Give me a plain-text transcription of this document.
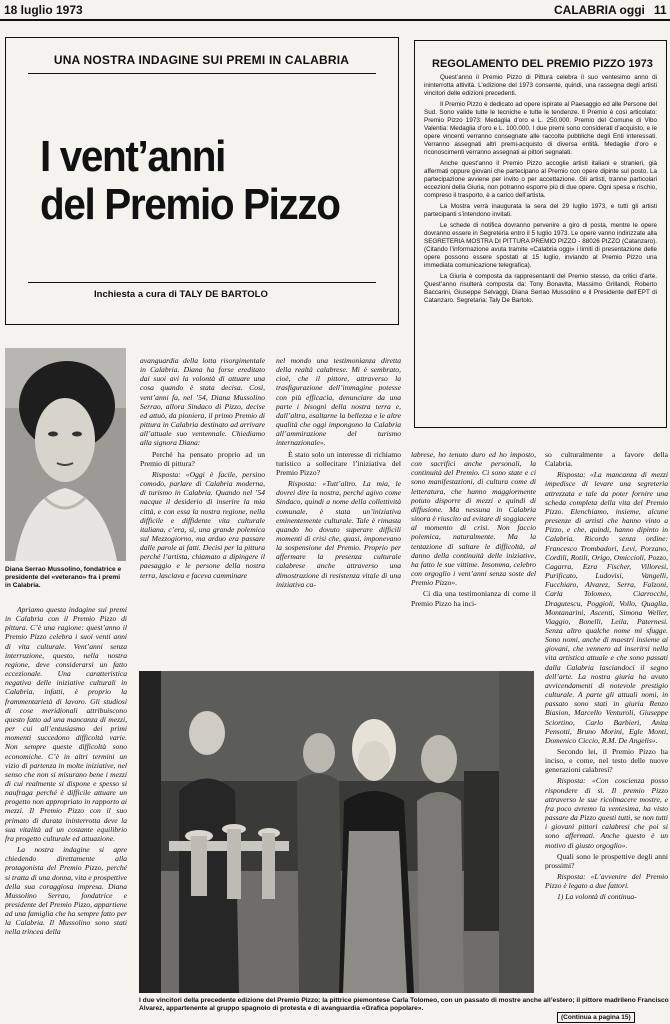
18 luglio 1973	CALABRIA oggi 11
UNA NOSTRA INDAGINE SUI PREMI IN CALABRIA
I vent’anni
del Premio Pizzo
Inchiesta a cura di TALY DE BARTOLO
REGOLAMENTO DEL PREMIO PIZZO 1973

Quest’anno il Premio Pizzo di Pittura celebra il suo ventesimo anno di ininterrotta attività. L’edizione del 1973 consente, quindi, una rassegna degli artisti vincitori delle edizioni precedenti.

Il Premio Pizzo è dedicato ad opere ispirate al Paesaggio ed alle Persone del Sud. Sono valide tutte le tecniche e tutte le tendenze. Il Premio è così articolato: Premio Pizzo 1973: Medaglia d’oro e L. 250.000. Premio del Comune di Vibo Valentia: Medaglia d’oro e L. 100.000. I due premi sono considerati d’acquisto, e le opere vincenti verranno consegnate alle raccolte pubbliche degli Enti interessati. Verranno assegnati altri premi-acquisto di diversa entità. Medaglie d’oro e riconoscimenti verranno assegnati ai pittori segnalati.

Anche quest’anno il Premio Pizzo accoglie artisti italiani e stranieri, già affermati oppure giovani che partecipano al Premio con opere dipinte sul posto. La partecipazione avviene per invito o per accettazione. Gli artisti, tranne particolari eccezioni della Giuria, non potranno esporre più di due opere. Ogni spesa e rischio, compreso il trasporto, è a carico dell’artista.

La Mostra verrà inaugurata la sera del 29 luglio 1973, e tutti gli artisti partecipanti s’intendono invitati.

Le schede di notifica dovranno pervenire a giro di posta, mentre le opere dovranno essere in Segreteria entro il 5 luglio 1973. Le opere vanno indirizzate alla SEGRETERIA MOSTRA DI PITTURA PREMIO PIZZO - 88026 PIZZO (Catanzaro). (Citando l’informazione avuta tramite «Calabria oggi» i limiti di presentazione delle opere possono essere spostati al 15 luglio, inviando al Premio Pizzo una immediata comunicazione telegrafica).

La Giuria è composta da rappresentanti del Premio stesso, da critici d’arte. Quest’anno risulterà composta da: Tony Bonavita, Massimo Grillandi, Roberto Baccarini, Giuseppe Selvaggi, Diana Serrao Mussolino e il Presidente dell’EPT di Catanzaro. Segretaria: Taly De Bartolo.

Diana Serrao Mussolino, fondatrice e presidente del «veterano» fra i premi in Calabria.

Apriamo questa indagine sui premi in Calabria con il Premio Pizzo di pittura. C’è una ragione: quest’anno il Premio Pizzo celebra i suoi venti anni di vita culturale. Vent’anni senza interruzione, questo, nella nostra regione, deve considerarsi un fatto eccezionale. Una caratteristica negativa delle iniziative culturali in Calabria, infatti, è proprio la frammentarietà di lavoro. Gli studiosi di cose meridionali attribuiscono questo fatto ad una mancanza di mezzi, per cui all’entusiasmo dei primi momenti succedono difficoltà varie. Non sempre queste difficoltà sono economiche. C’è in altri termini un vizio di partenza in molte iniziative, nel senso che non si misurano bene i mezzi di cui realmente si dispone e spesso si naufraga perché è difficile attuare un progetto non appropriato in rapporto ai mezzi. Il Premio Pizzo con il suo primato di durata ininterrotta deve la sua vitalità ad un costante equilibrio fra progetto culturale ed attuazione.

La nostra indagine si apre chiedendo direttamente alla protagonista del Premio Pizzo, perché si tratta di una donna, vita e prospettive della sua coraggiosa impresa. Diana Mussolino Serrao, fondatrice e presidente del Premio Pizzo, appartiene ad una famiglia che ha sempre fatto per la Calabria. Il Mussolino sono stati nella trincea della

avanguardia della lotta risorgimentale in Calabria. Diana ha forse ereditato dai suoi avi la volontà di attuare una cosa quando è stata decisa. Così, vent’anni fa, nel ’54, Diana Mussolino Serrao, allora Sindaco di Pizzo, decise ed attuò, da pioniera, il primo Premio di pittura in Calabria destinato ad arrivare all’attuale suo ventennale. Chiediamo alla signora Diana:

Perché ha pensato proprio ad un Premio di pittura?

Risposta: «Oggi è facile, persino comodo, parlare di Calabria moderna, di turismo in Calabria. Quando nel ’54 nacque il desiderio di inserire la mia città, e con essa la nostra regione, nella difficile e diffidente vita culturale italiana, c’era, sì, una grande polemica sul Mezzogiorno, ma arduo era passare dalle parole ai fatti. Decisi per la pittura perché l’artista, chiamato a dipingere il paesaggio e le persone della nostra terra, lasciava e faceva camminare

nel mondo una testimonianza diretta della realtà calabrese. Mi è sembrato, cioè, che il pittore, attraverso la trasfigurazione dell’immagine potesse con più efficacia, denunciare da una parte i bisogni della nostra terra e, dall’altra, esaltarne la bellezza e le altre qualità che oggi impongono la Calabria all’ammirazione del turismo internazionale».

È stato solo un interesse di richiamo turistico a sollecitare l’iniziativa del Premio Pizzo?

Risposta: «Tutt’altro. La mia, le dovrei dire la nostra, perché agivo come Sindaco, quindi a nome della collettività comunale, è stata un’iniziativa eminentemente culturale. Tale è rimasta quando ho dovuto superare difficili momenti di crisi che, quasi, imponevano la sospensione del Premio. Proprio per affermare la presenza culturale calabrese anche attraverso una dimostrazione di resistenza vitale di una iniziativa ca-

labrese, ho tenuto duro ed ho imposto, con sacrifici anche personali, la continuità del Premio. Ci sono state e ci sono manifestazioni, di cultura come di letteratura, che hanno maggiormente potuto disporre di mezzi e quindi di diffusione. Ma nessuna in Calabria sinora è riuscito ad evitare di soggiacere al momento di crisi. Non faccio polemica, naturalmente. Ma la tentazione di saltare le difficoltà, al danno della continuità delle iniziative, ha fatto le sue vittime. Insomma, celebro con orgoglio i vent’anni senza soste del Premio Pizzo».

Ci dia una testimonianza di come il Premio Pizzo ha inci-

so culturalmente a favore della Calabria.

Risposta: «La mancanza di mezzi impedisce di levare una segreteria attrezzata e tale da poter fornire una scheda completa della vita del Premio Pizzo. Elenchiamo, insieme, alcune presenze di artisti che hanno vinto a Pizzo, e che, quindi, hanno dipinto in Calabria. Ricordo senza ordine: Francesco Trombadori, Levi, Porzano, Cordili, Rotili, Origo, Omiccioli, Pozzo, Cagarra, Ezra Fischer, Villoresi, Purificato, Ludovisi, Vangelli, Fucchiaro, Alvarez, Serra, Falzoni, Carla Tolomeo, Ciarrocchi, Dragutescu, Poggioli, Vollo, Quaglia, Montanarini, Ascenti, Simona Weller, Viaggio, Bonelli, Leila, Paternesi. Senza altro qualche nome mi sfugge. Sono nomi, anche di maestri insieme ai giovani, che vennero ad inserirsi nella vita artistica attuale e che sono passati dalla Calabria lasciandoci il segno dell’arte. La nostra giuria ha avuto avvicendamenti di notevole prestigio culturale. A parte gli attuali nomi, in passato sono stati in giuria Renzo Biasion, Marcello Venturoli, Giuseppe Sciortino, Carlo Barbieri, Anita Pensotti, Bruno Morini, Egle Monti, Domenico Ciccio, R.M. De Angelis».

Secondo lei, il Premio Pizzo ha inciso, e come, nel testo delle nuove generazioni calabresi?

Risposta: «Con coscienza posso rispondere di sì. Il premio Pizzo attraverso le sue ricolmacere mostre, e fra poco avremo la ventesima, ha visto passare da Pizzo questi tutti, se non tutti i giovani pittori calabresi che poi si sono affermati. Anche questo è un motivo di giusto orgoglio».

Quali sono le prospettive degli anni prossimi?

Risposta: «L’avvenire del Premio Pizzo è legato a due fattori.

1) La volontà di continua-

I due vincitori della precedente edizione del Premio Pizzo: la pittrice piemontese Carla Tolomeo, con un passato di mostre anche all’estero; il pittore madrileno Francisco Alvarez, appartenente al gruppo spagnolo di protesta e di avanguardia «Grafica popolare».
(Continua a pagina 15)
